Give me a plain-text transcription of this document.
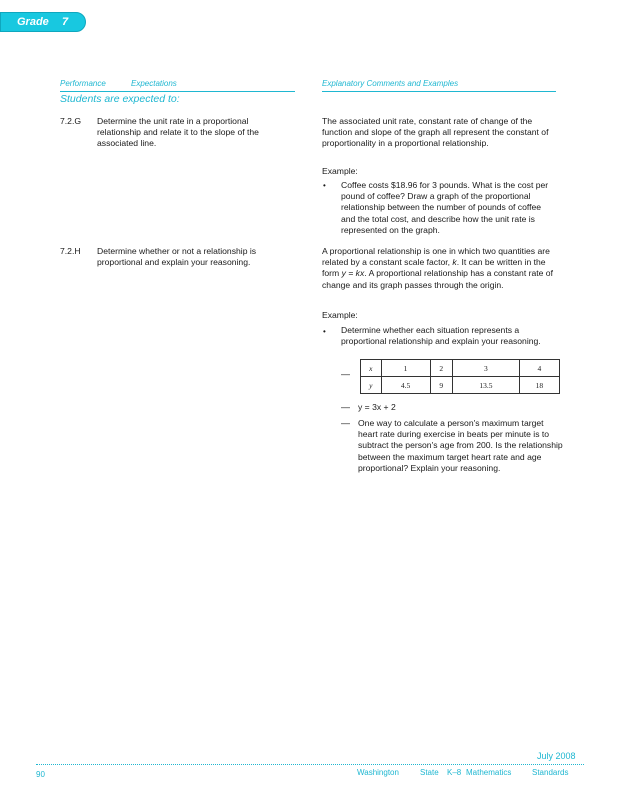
Grade 7
Performance	Expectations	Explanatory Comments and Examples
Students are expected to:
7.2.G Determine the unit rate in a proportional relationship and relate it to the slope of the associated line.
The associated unit rate, constant rate of change of the function and slope of the graph all represent the constant of proportionality in a proportional relationship.
Example:
• Coffee costs $18.96 for 3 pounds. What is the cost per pound of coffee? Draw a graph of the proportional relationship between the number of pounds of coffee and the total cost, and describe how the unit rate is represented on the graph.
7.2.H Determine whether or not a relationship is proportional and explain your reasoning.
A proportional relationship is one in which two quantities are related by a constant scale factor, k. It can be written in the form y = kx. A proportional relationship has a constant rate of change and its graph passes through the origin.
Example:
• Determine whether each situation represents a proportional relationship and explain your reasoning.
—
x	1	2	3	4
y	4.5	9	13.5	18
— y = 3x + 2
— One way to calculate a person's maximum target heart rate during exercise in beats per minute is to subtract the person's age from 200. Is the relationship between the maximum target heart rate and age proportional? Explain your reasoning.
July 2008
90	Washington	State K–8 Mathematics	Standards
